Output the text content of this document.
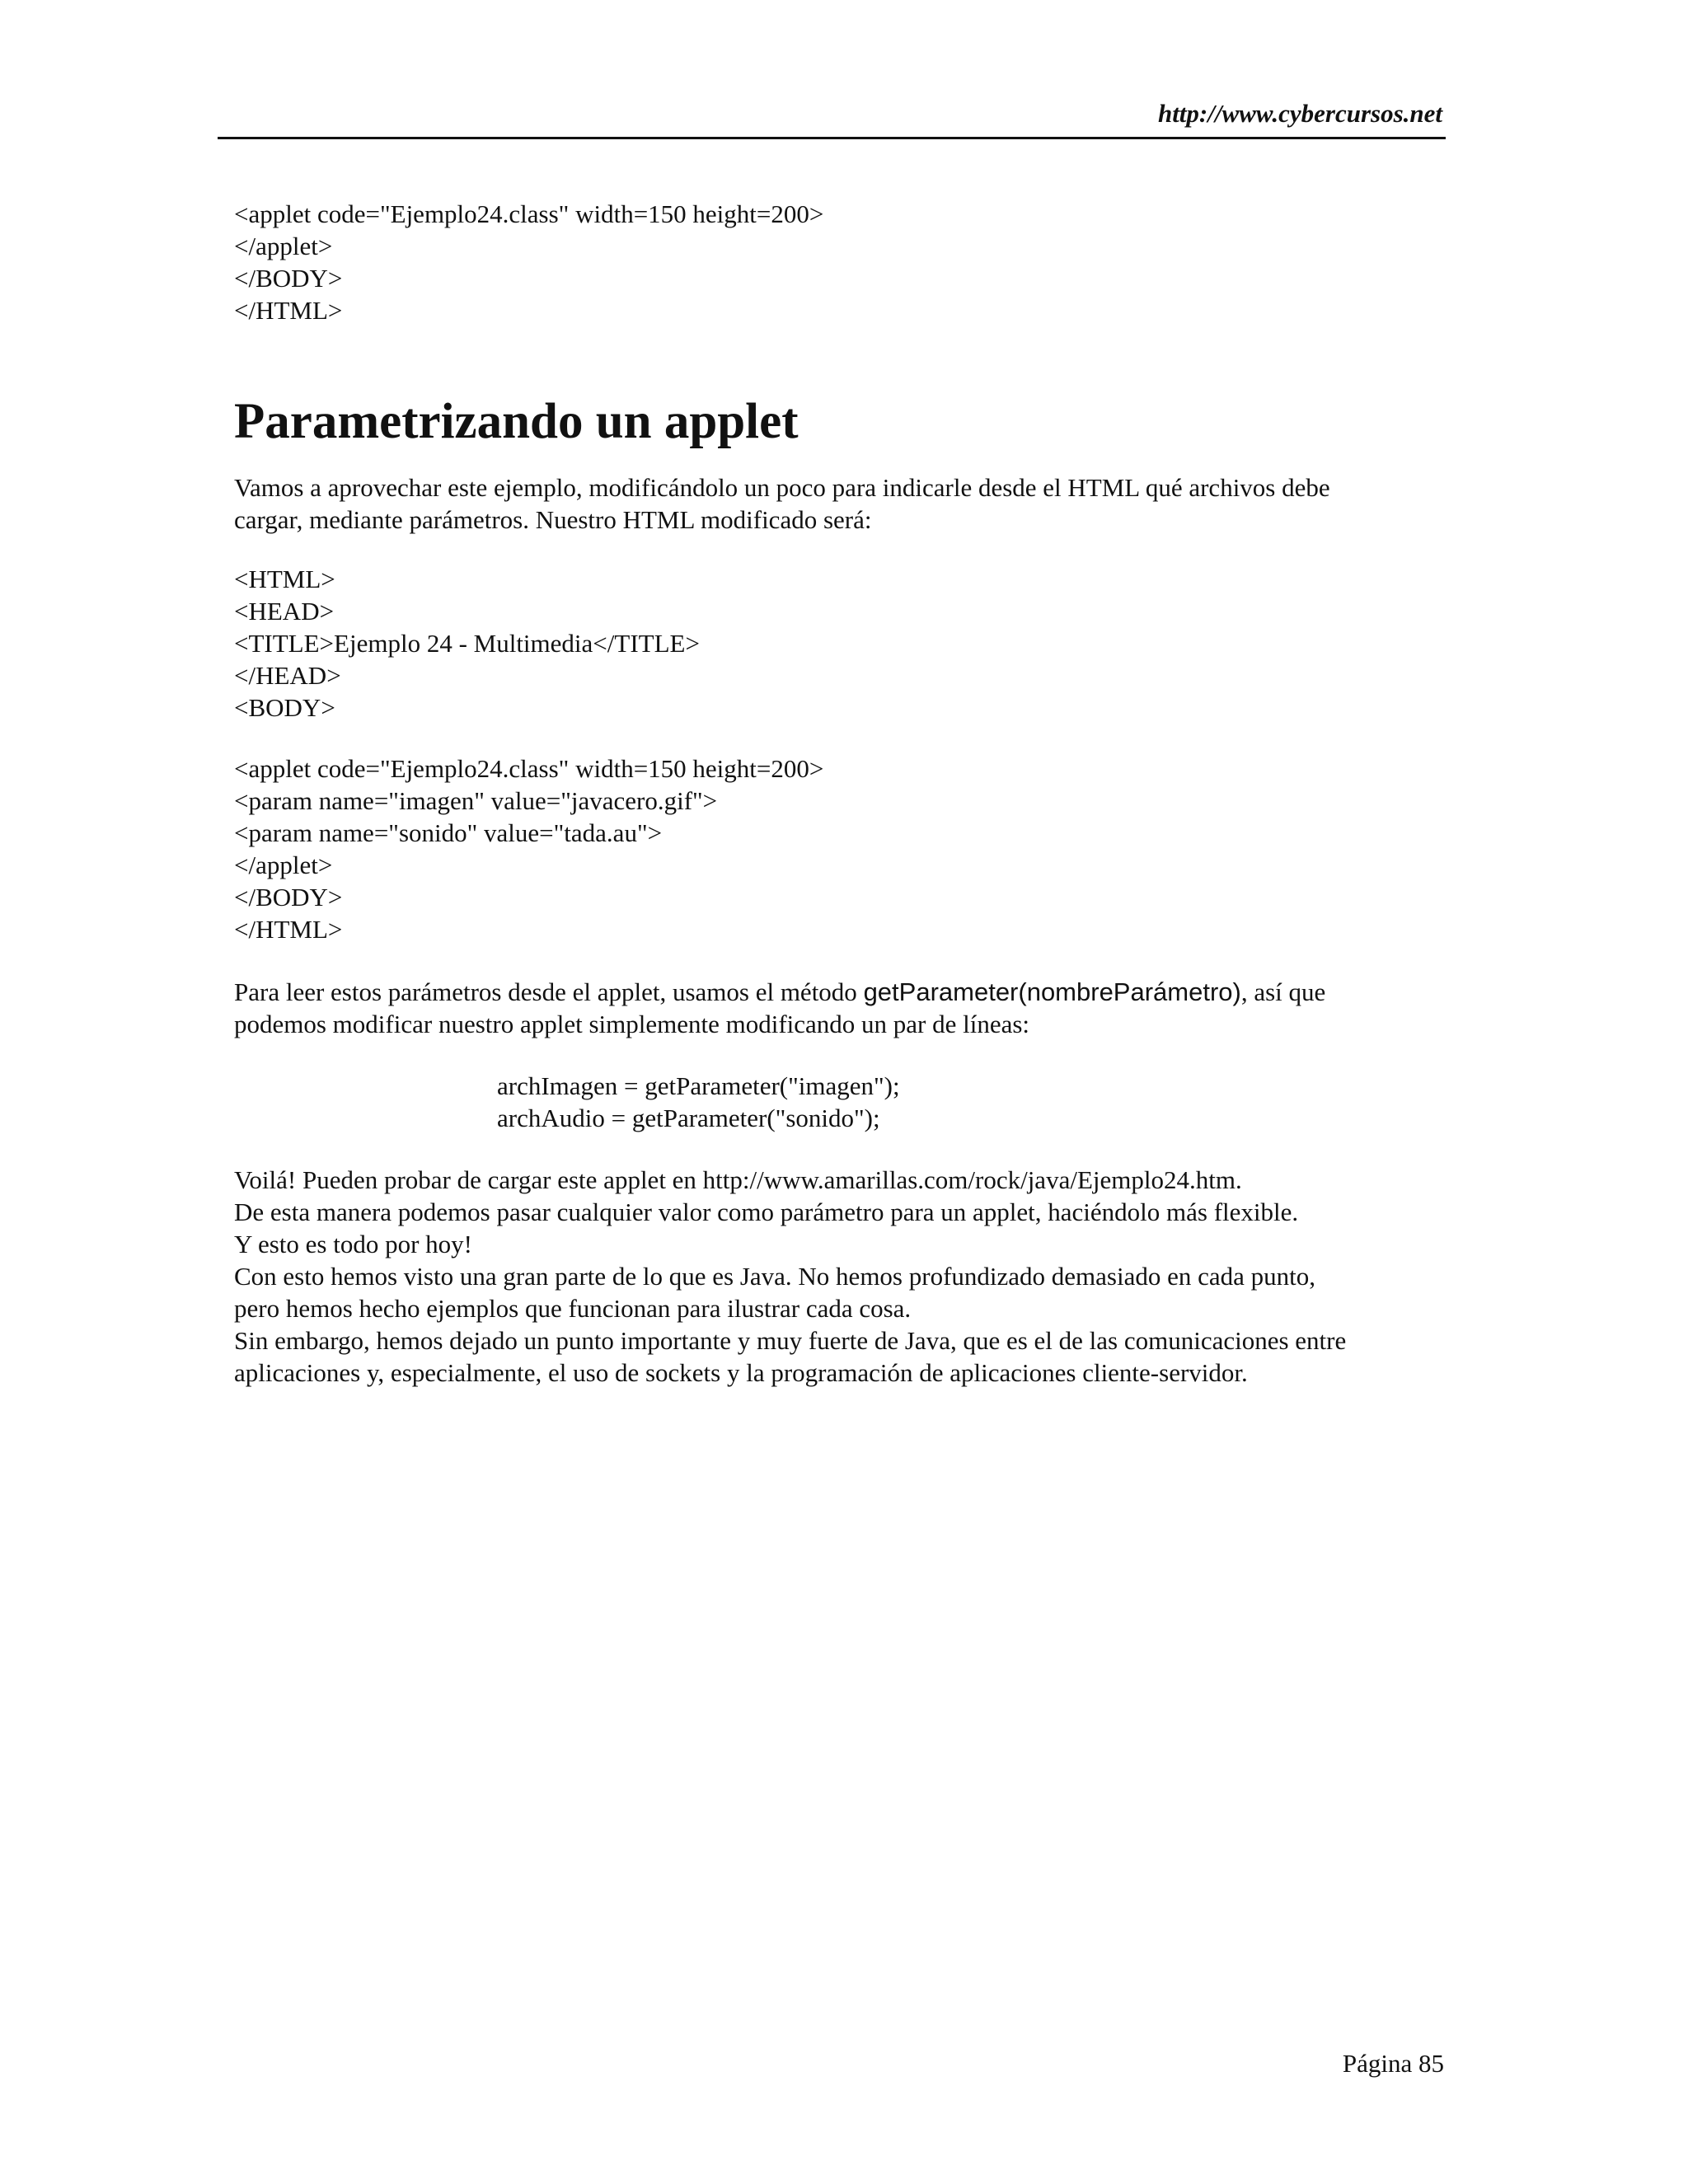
http://www.cybercursos.net
<applet code="Ejemplo24.class" width=150 height=200>
</applet>
</BODY>
</HTML>
Parametrizando un applet
Vamos a aprovechar este ejemplo, modificándolo un poco para indicarle desde el HTML qué archivos debe
cargar, mediante parámetros. Nuestro HTML modificado será:
<HTML>
<HEAD>
<TITLE>Ejemplo 24 - Multimedia</TITLE>
</HEAD>
<BODY>
<applet code="Ejemplo24.class" width=150 height=200>
<param name="imagen" value="javacero.gif">
<param name="sonido" value="tada.au">
</applet>
</BODY>
</HTML>
Para leer estos parámetros desde el applet, usamos el método getParameter(nombreParámetro), así que
podemos modificar nuestro applet simplemente modificando un par de líneas:
archImagen = getParameter("imagen");
archAudio = getParameter("sonido");
Voilá! Pueden probar de cargar este applet en http://www.amarillas.com/rock/java/Ejemplo24.htm.
De esta manera podemos pasar cualquier valor como parámetro para un applet, haciéndolo más flexible.
Y esto es todo por hoy!
Con esto hemos visto una gran parte de lo que es Java. No hemos profundizado demasiado en cada punto,
pero hemos hecho ejemplos que funcionan para ilustrar cada cosa.
Sin embargo, hemos dejado un punto importante y muy fuerte de Java, que es el de las comunicaciones entre
aplicaciones y, especialmente, el uso de sockets y la programación de aplicaciones cliente-servidor.
Página 85
